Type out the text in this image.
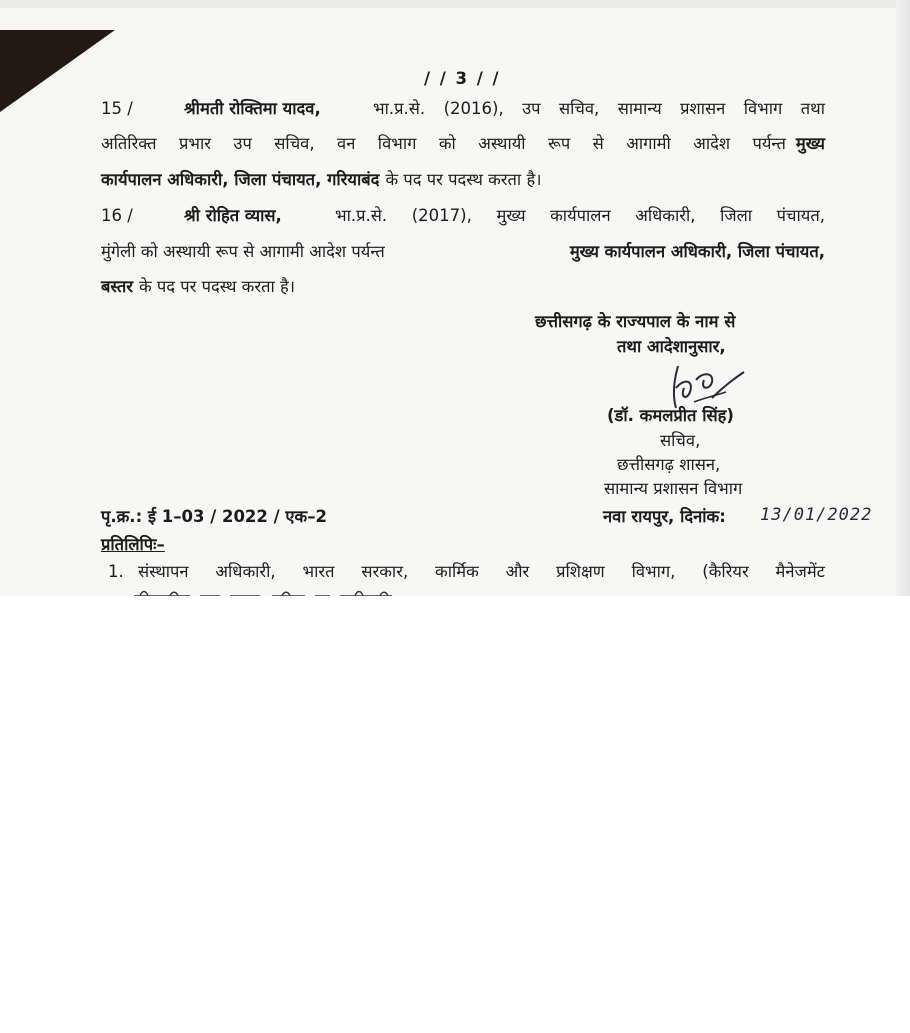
/ / 3 / /
15 /	श्रीमती रोक्तिमा यादव,	भा.प्र.से. (2016), उप सचिव, सामान्य प्रशासन विभाग तथा
अतिरिक्त प्रभार उप सचिव, वन विभाग को अस्थायी रूप से आगामी आदेश पर्यन्त मुख्य
कार्यपालन अधिकारी, जिला पंचायत, गरियाबंद के पद पर पदस्थ करता है।
16 /	श्री रोहित व्यास,	भा.प्र.से. (2017), मुख्य कार्यपालन अधिकारी, जिला पंचायत,
मुंगेली को अस्थायी रूप से आगामी आदेश पर्यन्त	मुख्य कार्यपालन अधिकारी, जिला पंचायत,
बस्तर के पद पर पदस्थ करता है।
छत्तीसगढ़ के राज्यपाल के नाम से
तथा आदेशानुसार,
(डॉ. कमलप्रीत सिंह)
सचिव,
छत्तीसगढ़ शासन,
सामान्य प्रशासन विभाग
पृ.क्र.: ई 1–03 / 2022 / एक–2	नवा रायपुर, दिनांक: 13/01/2022
प्रतिलिपिः–
1. संस्थापन अधिकारी, भारत सरकार, कार्मिक और प्रशिक्षण विभाग, (कैरियर मैनेजमेंट
